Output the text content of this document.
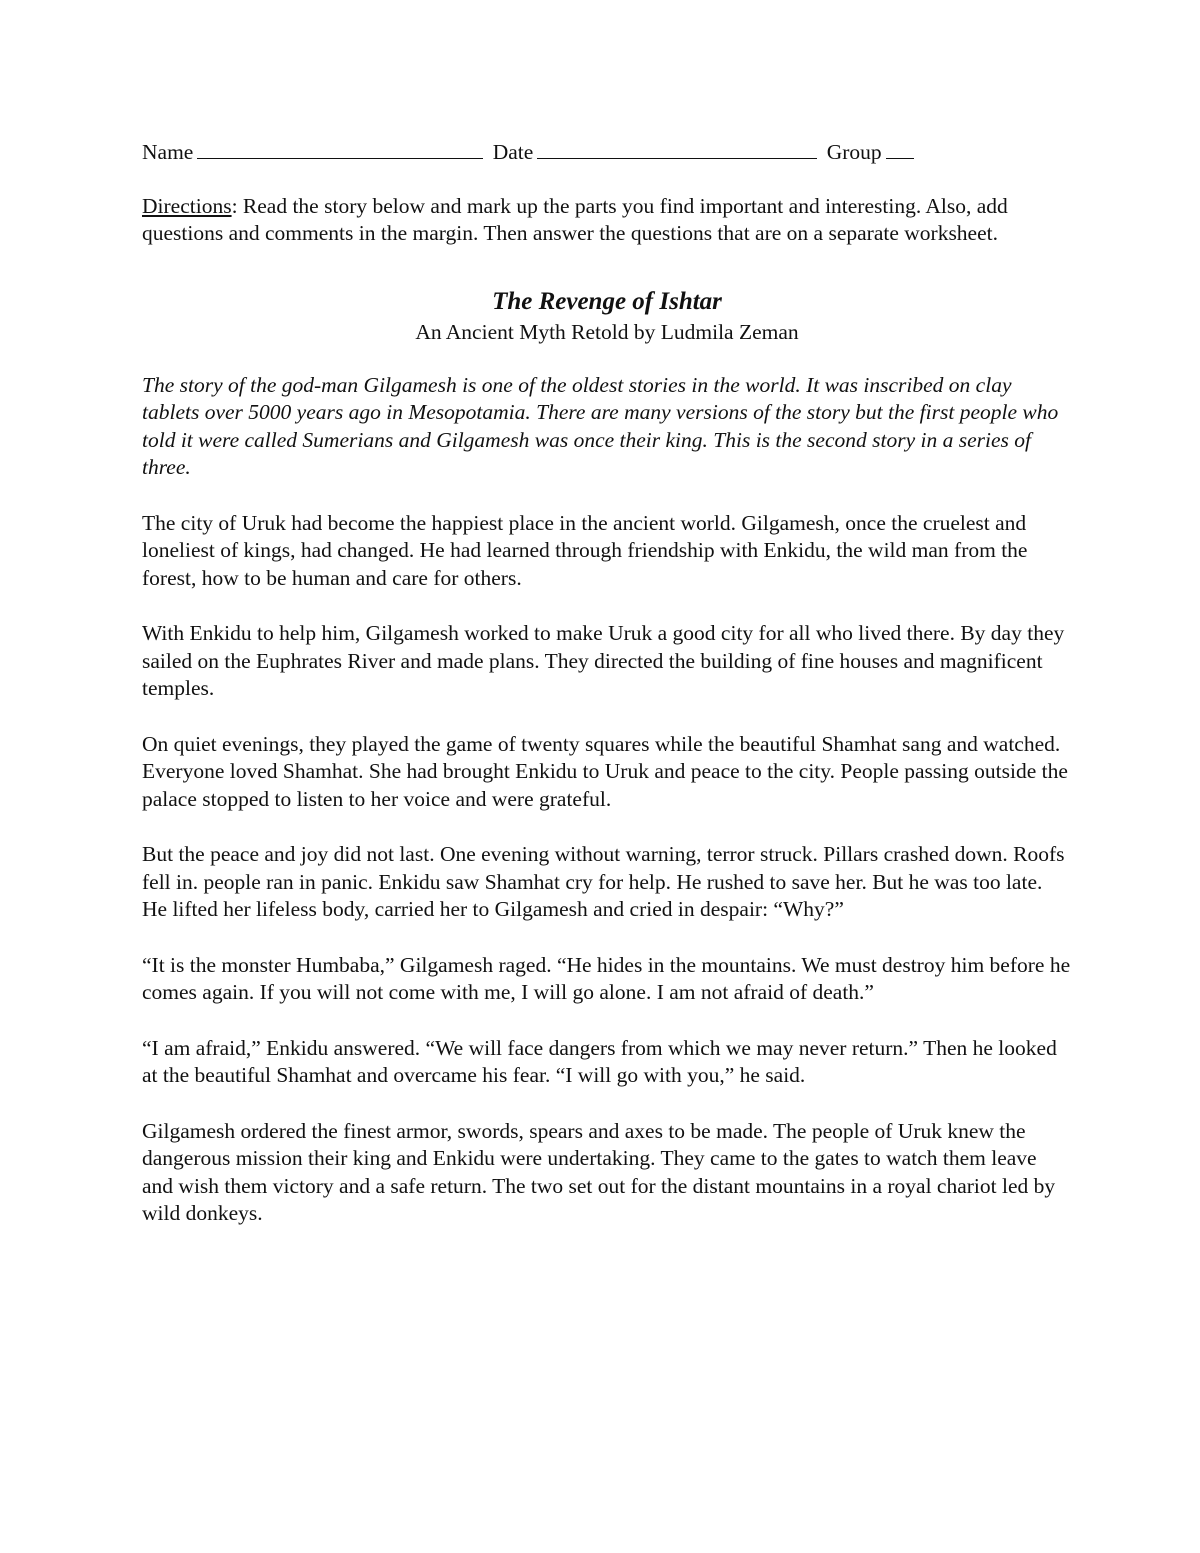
Name	Date	Group
Directions: Read the story below and mark up the parts you find important and interesting. Also, add questions and comments in the margin. Then answer the questions that are on a separate worksheet.
The Revenge of Ishtar
An Ancient Myth Retold by Ludmila Zeman
The story of the god-man Gilgamesh is one of the oldest stories in the world. It was inscribed on clay tablets over 5000 years ago in Mesopotamia. There are many versions of the story but the first people who told it were called Sumerians and Gilgamesh was once their king. This is the second story in a series of three.
The city of Uruk had become the happiest place in the ancient world. Gilgamesh, once the cruelest and loneliest of kings, had changed. He had learned through friendship with Enkidu, the wild man from the forest, how to be human and care for others.
With Enkidu to help him, Gilgamesh worked to make Uruk a good city for all who lived there. By day they sailed on the Euphrates River and made plans. They directed the building of fine houses and magnificent temples.
On quiet evenings, they played the game of twenty squares while the beautiful Shamhat sang and watched. Everyone loved Shamhat. She had brought Enkidu to Uruk and peace to the city. People passing outside the palace stopped to listen to her voice and were grateful.
But the peace and joy did not last. One evening without warning, terror struck. Pillars crashed down. Roofs fell in. people ran in panic. Enkidu saw Shamhat cry for help. He rushed to save her. But he was too late. He lifted her lifeless body, carried her to Gilgamesh and cried in despair: “Why?”
“It is the monster Humbaba,” Gilgamesh raged. “He hides in the mountains. We must destroy him before he comes again. If you will not come with me, I will go alone. I am not afraid of death.”
“I am afraid,” Enkidu answered. “We will face dangers from which we may never return.” Then he looked at the beautiful Shamhat and overcame his fear. “I will go with you,” he said.
Gilgamesh ordered the finest armor, swords, spears and axes to be made. The people of Uruk knew the dangerous mission their king and Enkidu were undertaking. They came to the gates to watch them leave and wish them victory and a safe return. The two set out for the distant mountains in a royal chariot led by wild donkeys.
